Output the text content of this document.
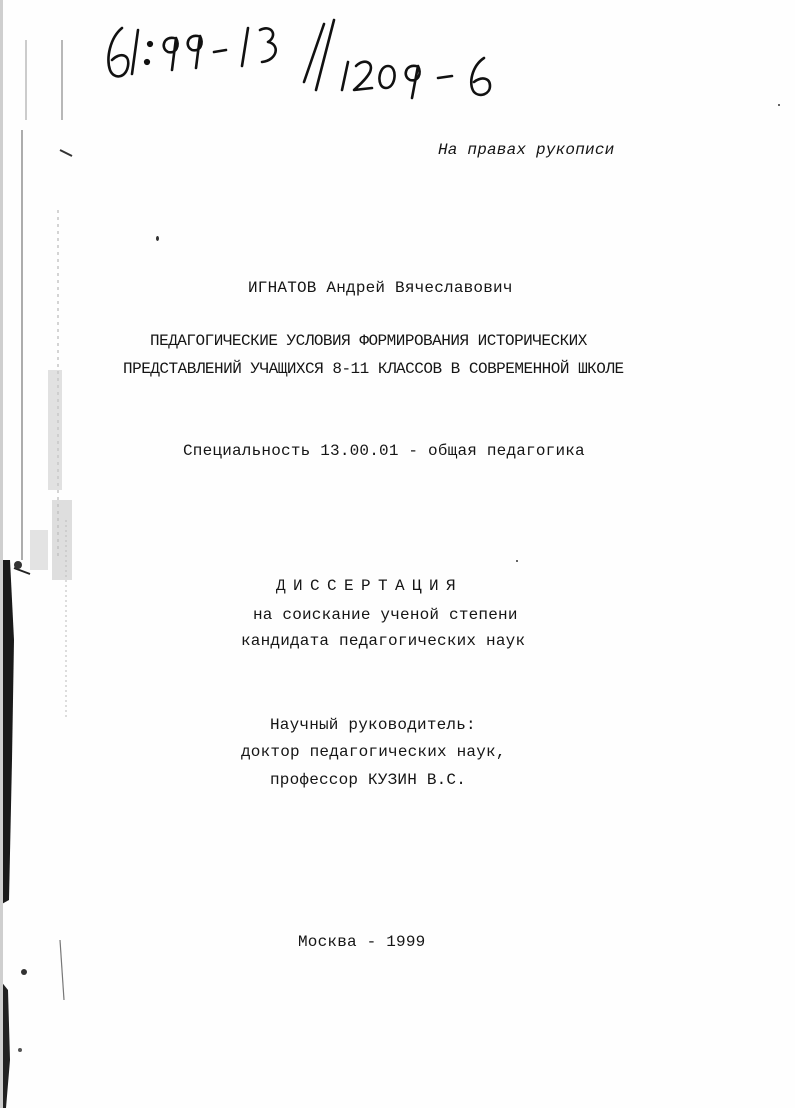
На правах рукописи
ИГНАТОВ Андрей Вячеславович
ПЕДАГОГИЧЕСКИЕ УСЛОВИЯ ФОРМИРОВАНИЯ ИСТОРИЧЕСКИХ
ПРЕДСТАВЛЕНИЙ УЧАЩИХСЯ 8-11 КЛАССОВ В СОВРЕМЕННОЙ ШКОЛЕ
Специальность 13.00.01 - общая педагогика
ДИССЕРТАЦИЯ
на соискание ученой степени
кандидата педагогических наук
Научный руководитель:
доктор педагогических наук,
профессор КУЗИН В.С.
Москва - 1999
